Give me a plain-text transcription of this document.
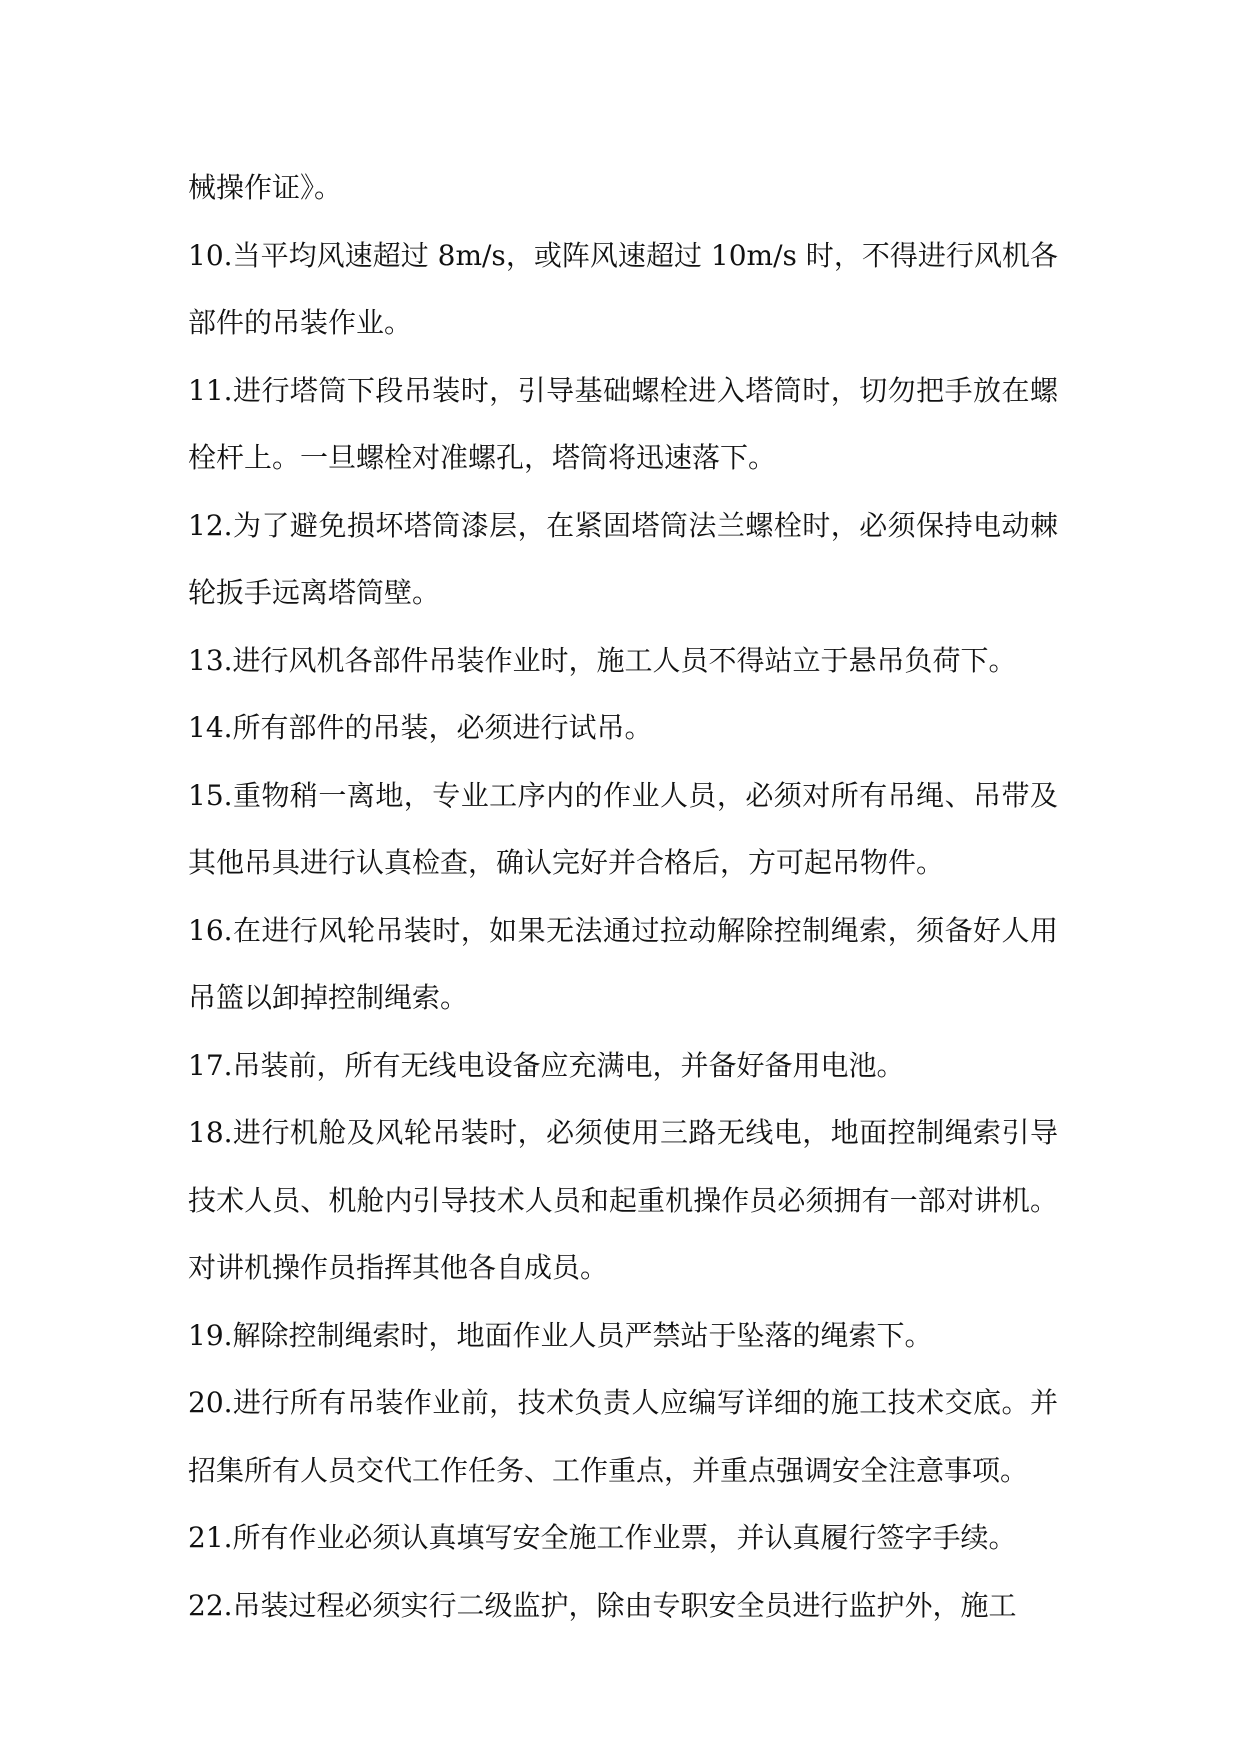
械操作证》。

10.当平均风速超过 8m/s，或阵风速超过 10m/s 时，不得进行风机各部件的吊装作业。

11.进行塔筒下段吊装时，引导基础螺栓进入塔筒时，切勿把手放在螺栓杆上。一旦螺栓对准螺孔，塔筒将迅速落下。

12.为了避免损坏塔筒漆层，在紧固塔筒法兰螺栓时，必须保持电动棘轮扳手远离塔筒壁。

13.进行风机各部件吊装作业时，施工人员不得站立于悬吊负荷下。

14.所有部件的吊装，必须进行试吊。

15.重物稍一离地，专业工序内的作业人员，必须对所有吊绳、吊带及其他吊具进行认真检查，确认完好并合格后，方可起吊物件。

16.在进行风轮吊装时，如果无法通过拉动解除控制绳索，须备好人用吊篮以卸掉控制绳索。

17.吊装前，所有无线电设备应充满电，并备好备用电池。

18.进行机舱及风轮吊装时，必须使用三路无线电，地面控制绳索引导技术人员、机舱内引导技术人员和起重机操作员必须拥有一部对讲机。对讲机操作员指挥其他各自成员。

19.解除控制绳索时，地面作业人员严禁站于坠落的绳索下。

20.进行所有吊装作业前，技术负责人应编写详细的施工技术交底。并招集所有人员交代工作任务、工作重点，并重点强调安全注意事项。

21.所有作业必须认真填写安全施工作业票，并认真履行签字手续。

22.吊装过程必须实行二级监护，除由专职安全员进行监护外，施工
